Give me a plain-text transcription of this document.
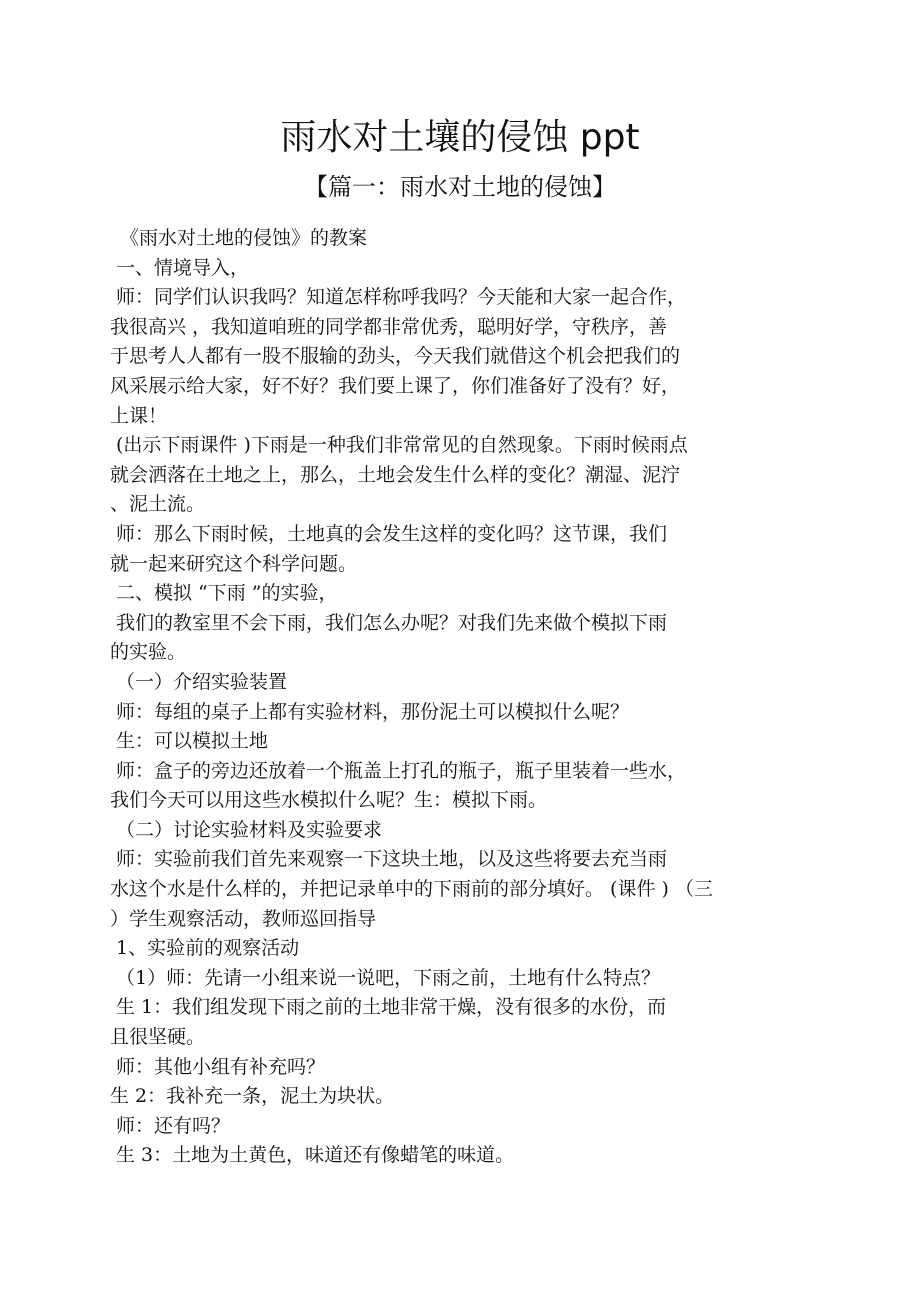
雨水对土壤的侵蚀 ppt
【篇一：雨水对土地的侵蚀】
《雨水对土地的侵蚀》的教案
一、情境导入，
师：同学们认识我吗？知道怎样称呼我吗？今天能和大家一起合作，
我很高兴 ，我知道咱班的同学都非常优秀，聪明好学，守秩序，善
于思考人人都有一股不服输的劲头，今天我们就借这个机会把我们的
风采展示给大家，好不好？我们要上课了，你们准备好了没有？好，
上课！
(出示下雨课件 )下雨是一种我们非常常见的自然现象。下雨时候雨点
就会洒落在土地之上，那么，土地会发生什么样的变化？潮湿、泥泞
、泥土流。
师：那么下雨时候，土地真的会发生这样的变化吗？这节课，我们
就一起来研究这个科学问题。
二、模拟 “下雨 ”的实验，
我们的教室里不会下雨，我们怎么办呢？对我们先来做个模拟下雨
的实验。
（一）介绍实验装置
师：每组的桌子上都有实验材料，那份泥土可以模拟什么呢？
生：可以模拟土地
师：盒子的旁边还放着一个瓶盖上打孔的瓶子，瓶子里装着一些水，
我们今天可以用这些水模拟什么呢？生：模拟下雨。
（二）讨论实验材料及实验要求
师：实验前我们首先来观察一下这块土地，以及这些将要去充当雨
水这个水是什么样的，并把记录单中的下雨前的部分填好。 (课件 ) （三
）学生观察活动，教师巡回指导
1、实验前的观察活动
（1）师：先请一小组来说一说吧，下雨之前，土地有什么特点？
生 1：我们组发现下雨之前的土地非常干燥，没有很多的水份，而
且很坚硬。
师：其他小组有补充吗？
生 2：我补充一条，泥土为块状。
师：还有吗？
生 3：土地为土黄色，味道还有像蜡笔的味道。
